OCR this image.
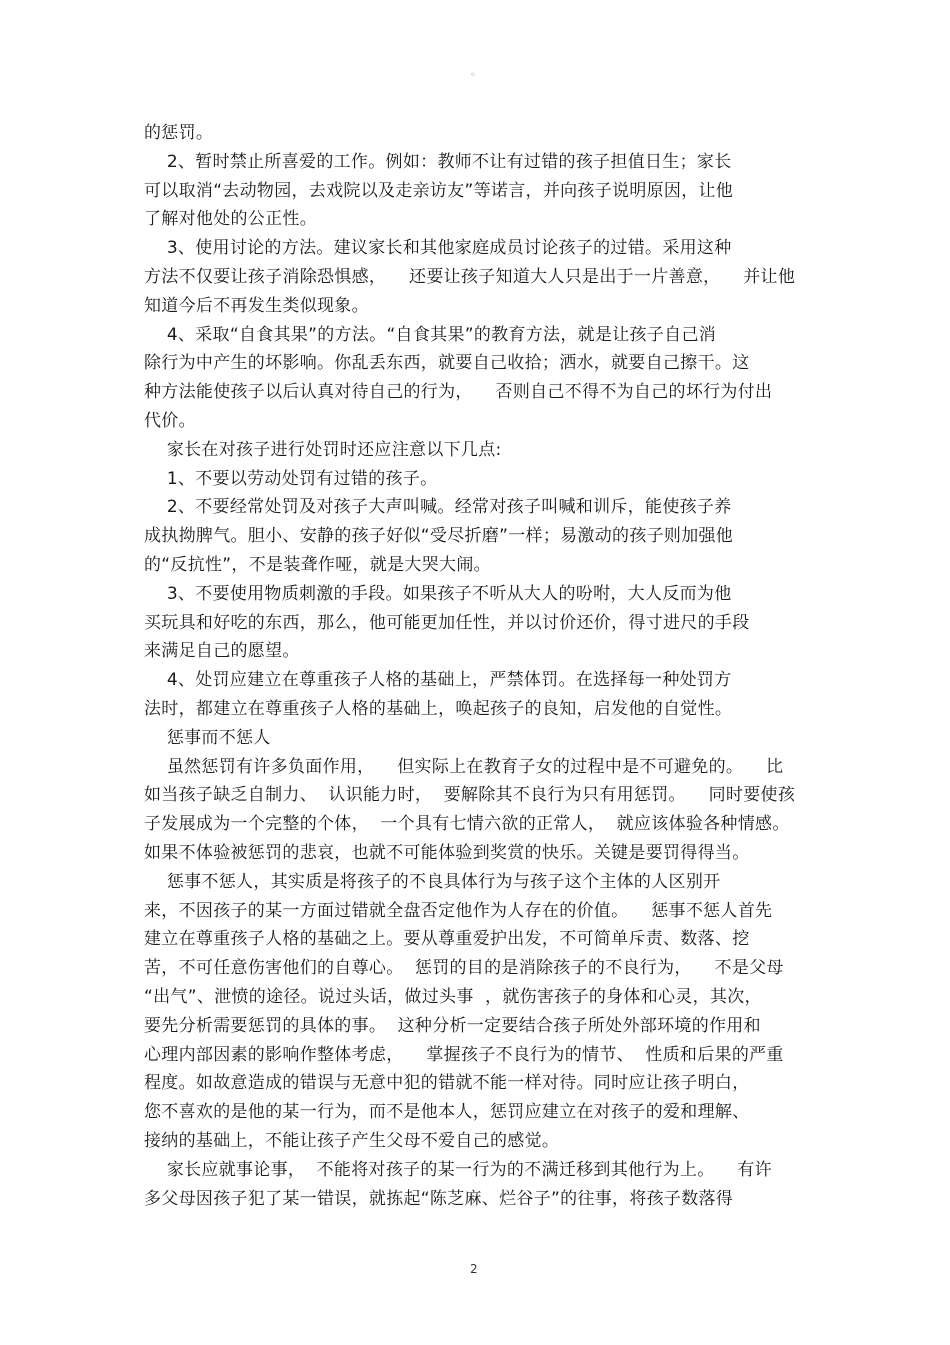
◦
的惩罚。
2、暂时禁止所喜爱的工作。例如：教师不让有过错的孩子担值日生；家长
可以取消“去动物园，去戏院以及走亲访友”等诺言，并向孩子说明原因，让他
了解对他处的公正性。
3、使用讨论的方法。建议家长和其他家庭成员讨论孩子的过错。采用这种
方法不仅要让孩子消除恐惧感，    还要让孩子知道大人只是出于一片善意，    并让他
知道今后不再发生类似现象。
4、采取“自食其果”的方法。“自食其果”的教育方法，就是让孩子自己消
除行为中产生的坏影响。你乱丢东西，就要自己收拾；洒水，就要自己擦干。这
种方法能使孩子以后认真对待自己的行为，    否则自己不得不为自己的坏行为付出
代价。
家长在对孩子进行处罚时还应注意以下几点:
1、不要以劳动处罚有过错的孩子。
2、不要经常处罚及对孩子大声叫喊。经常对孩子叫喊和训斥，能使孩子养
成执拗脾气。胆小、安静的孩子好似“受尽折磨”一样；易激动的孩子则加强他
的“反抗性”，不是装聋作哑，就是大哭大闹。
3、不要使用物质刺激的手段。如果孩子不听从大人的吩咐，大人反而为他
买玩具和好吃的东西，那么，他可能更加任性，并以讨价还价，得寸进尺的手段
来满足自己的愿望。
4、处罚应建立在尊重孩子人格的基础上，严禁体罚。在选择每一种处罚方
法时，都建立在尊重孩子人格的基础上，唤起孩子的良知，启发他的自觉性。
惩事而不惩人
虽然惩罚有许多负面作用，    但实际上在教育子女的过程中是不可避免的。    比
如当孩子缺乏自制力、  认识能力时，  要解除其不良行为只有用惩罚。    同时要使孩
子发展成为一个完整的个体，  一个具有七情六欲的正常人，  就应该体验各种情感。
如果不体验被惩罚的悲哀，也就不可能体验到奖赏的快乐。关键是要罚得得当。
惩事不惩人，其实质是将孩子的不良具体行为与孩子这个主体的人区别开
来，不因孩子的某一方面过错就全盘否定他作为人存在的价值。    惩事不惩人首先
建立在尊重孩子人格的基础之上。要从尊重爱护出发，不可简单斥责、数落、挖
苦，不可任意伤害他们的自尊心。  惩罚的目的是消除孩子的不良行为，    不是父母
“出气”、泄愤的途径。说过头话，做过头事  ，就伤害孩子的身体和心灵，其次，
要先分析需要惩罚的具体的事。  这种分析一定要结合孩子所处外部环境的作用和
心理内部因素的影响作整体考虑，    掌握孩子不良行为的情节、  性质和后果的严重
程度。如故意造成的错误与无意中犯的错就不能一样对待。同时应让孩子明白，
您不喜欢的是他的某一行为，而不是他本人，惩罚应建立在对孩子的爱和理解、
接纳的基础上，不能让孩子产生父母不爱自己的感觉。
家长应就事论事，  不能将对孩子的某一行为的不满迁移到其他行为上。    有许
多父母因孩子犯了某一错误，就拣起“陈芝麻、烂谷子”的往事，将孩子数落得
2
